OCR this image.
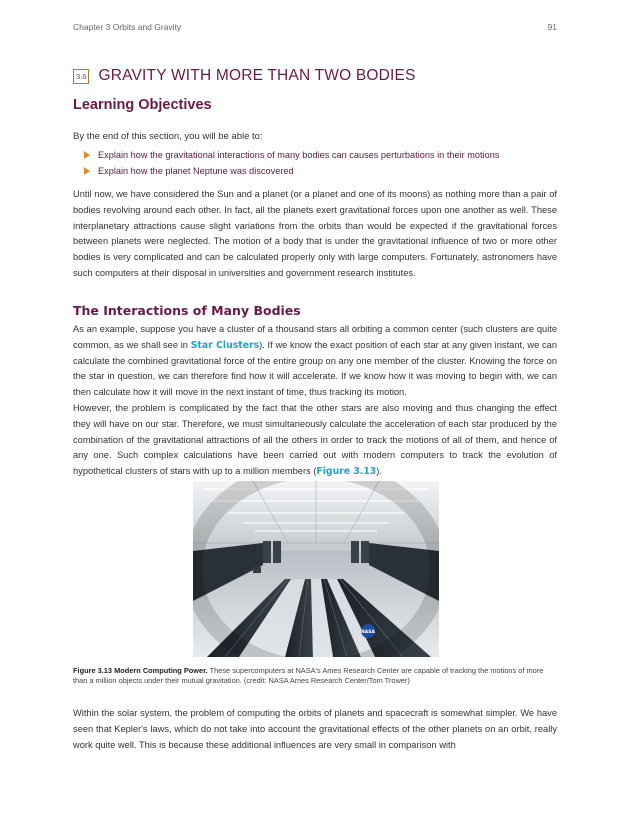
Chapter 3 Orbits and Gravity	91
3.6 GRAVITY WITH MORE THAN TWO BODIES
Learning Objectives
By the end of this section, you will be able to:
Explain how the gravitational interactions of many bodies can causes perturbations in their motions
Explain how the planet Neptune was discovered

Until now, we have considered the Sun and a planet (or a planet and one of its moons) as nothing more than a pair of bodies revolving around each other. In fact, all the planets exert gravitational forces upon one another as well. These interplanetary attractions cause slight variations from the orbits than would be expected if the gravitational forces between planets were neglected. The motion of a body that is under the gravitational influence of two or more other bodies is very complicated and can be calculated properly only with large computers. Fortunately, astronomers have such computers at their disposal in universities and government research institutes.

The Interactions of Many Bodies

As an example, suppose you have a cluster of a thousand stars all orbiting a common center (such clusters are quite common, as we shall see in Star Clusters). If we know the exact position of each star at any given instant, we can calculate the combined gravitational force of the entire group on any one member of the cluster. Knowing the force on the star in question, we can therefore find how it will accelerate. If we know how it was moving to begin with, we can then calculate how it will move in the next instant of time, thus tracking its motion.

However, the problem is complicated by the fact that the other stars are also moving and thus changing the effect they will have on our star. Therefore, we must simultaneously calculate the acceleration of each star produced by the combination of the gravitational attractions of all the others in order to track the motions of all of them, and hence of any one. Such complex calculations have been carried out with modern computers to track the evolution of hypothetical clusters of stars with up to a million members (Figure 3.13).

NASA

Figure 3.13 Modern Computing Power. These supercomputers at NASA's Ames Research Center are capable of tracking the motions of more than a million objects under their mutual gravitation. (credit: NASA Ames Research Center/Tom Trower)

Within the solar system, the problem of computing the orbits of planets and spacecraft is somewhat simpler. We have seen that Kepler's laws, which do not take into account the gravitational effects of the other planets on an orbit, really work quite well. This is because these additional influences are very small in comparison with
